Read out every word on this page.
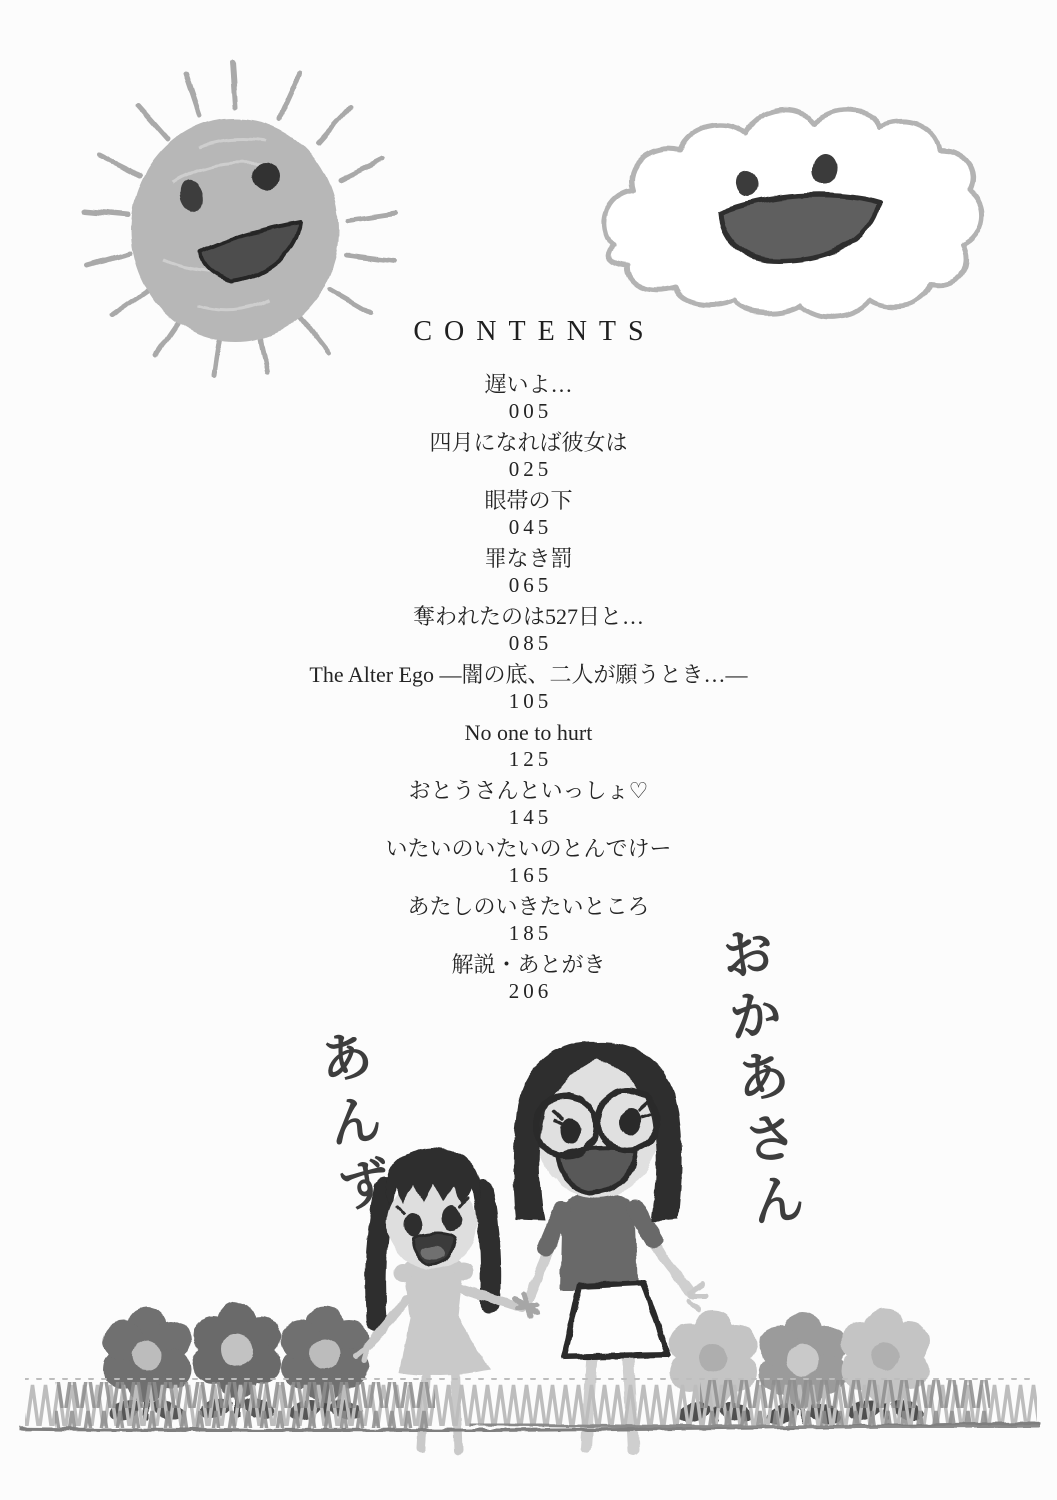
CONTENTS
遅いよ…
005
四月になれば彼女は
025
眼帯の下
045
罪なき罰
065
奪われたのは527日と…
085
The Alter Ego ―闇の底、二人が願うとき…―
105
No one to hurt
125
おとうさんといっしょ♡
145
いたいのいたいのとんでけー
165
あたしのいきたいところ
185
解説・あとがき
206	おかあさん
あんず
